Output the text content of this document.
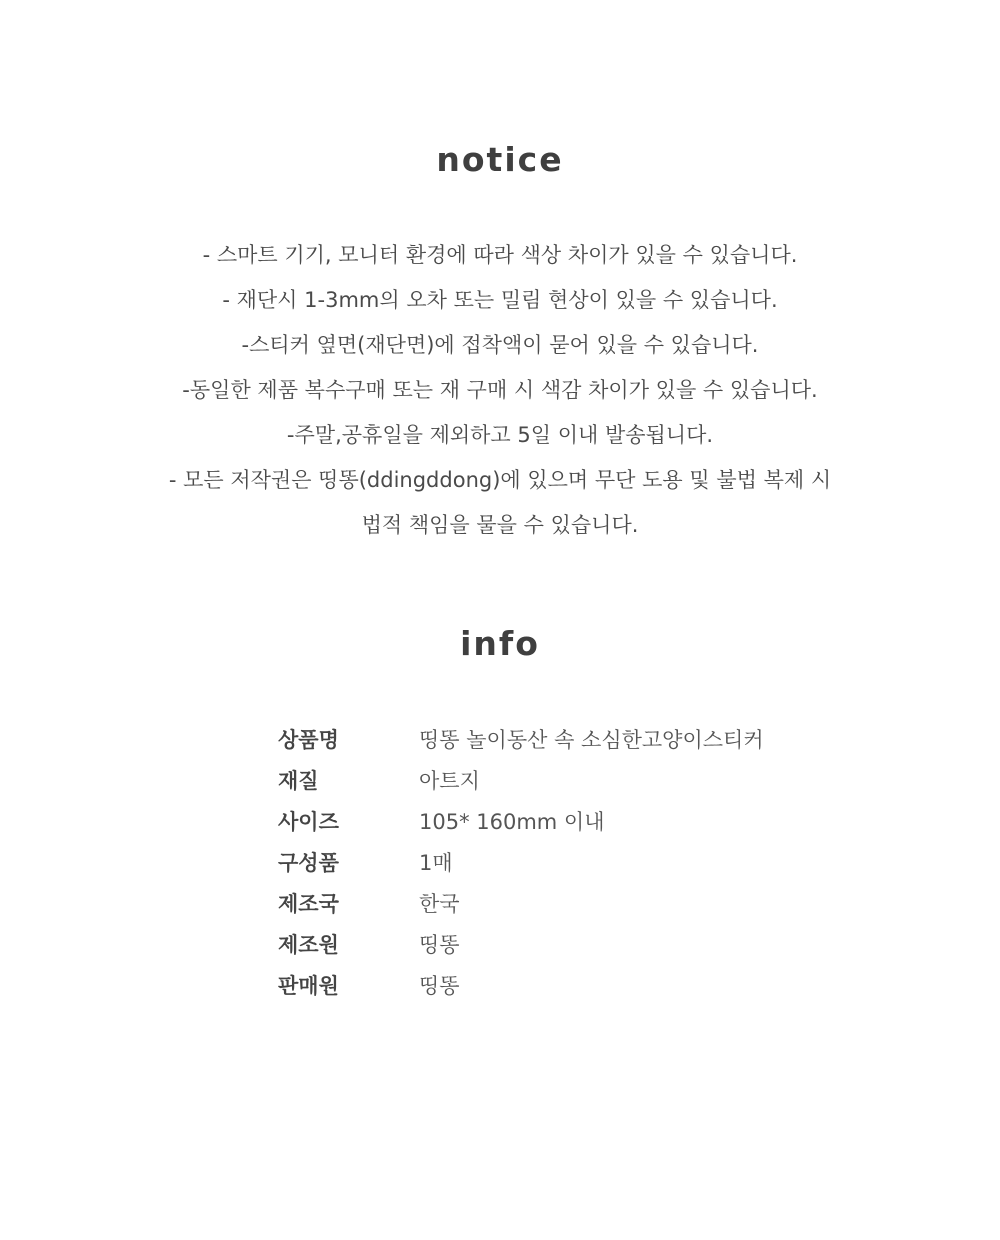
notice
- 스마트 기기, 모니터 환경에 따라 색상 차이가 있을 수 있습니다.
- 재단시 1-3mm의 오차 또는 밀림 현상이 있을 수 있습니다.
-스티커 옆면(재단면)에 접착액이 묻어 있을 수 있습니다.
-동일한 제품 복수구매 또는 재 구매 시 색감 차이가 있을 수 있습니다.
-주말,공휴일을 제외하고 5일 이내 발송됩니다.
- 모든 저작권은 띵똥(ddingddong)에 있으며 무단 도용 및 불법 복제 시
법적 책임을 물을 수 있습니다.
info
상품명	띵똥 놀이동산 속 소심한고양이스티커
재질	아트지
사이즈	105* 160mm 이내
구성품	1매
제조국	한국
제조원	띵똥
판매원	띵똥
